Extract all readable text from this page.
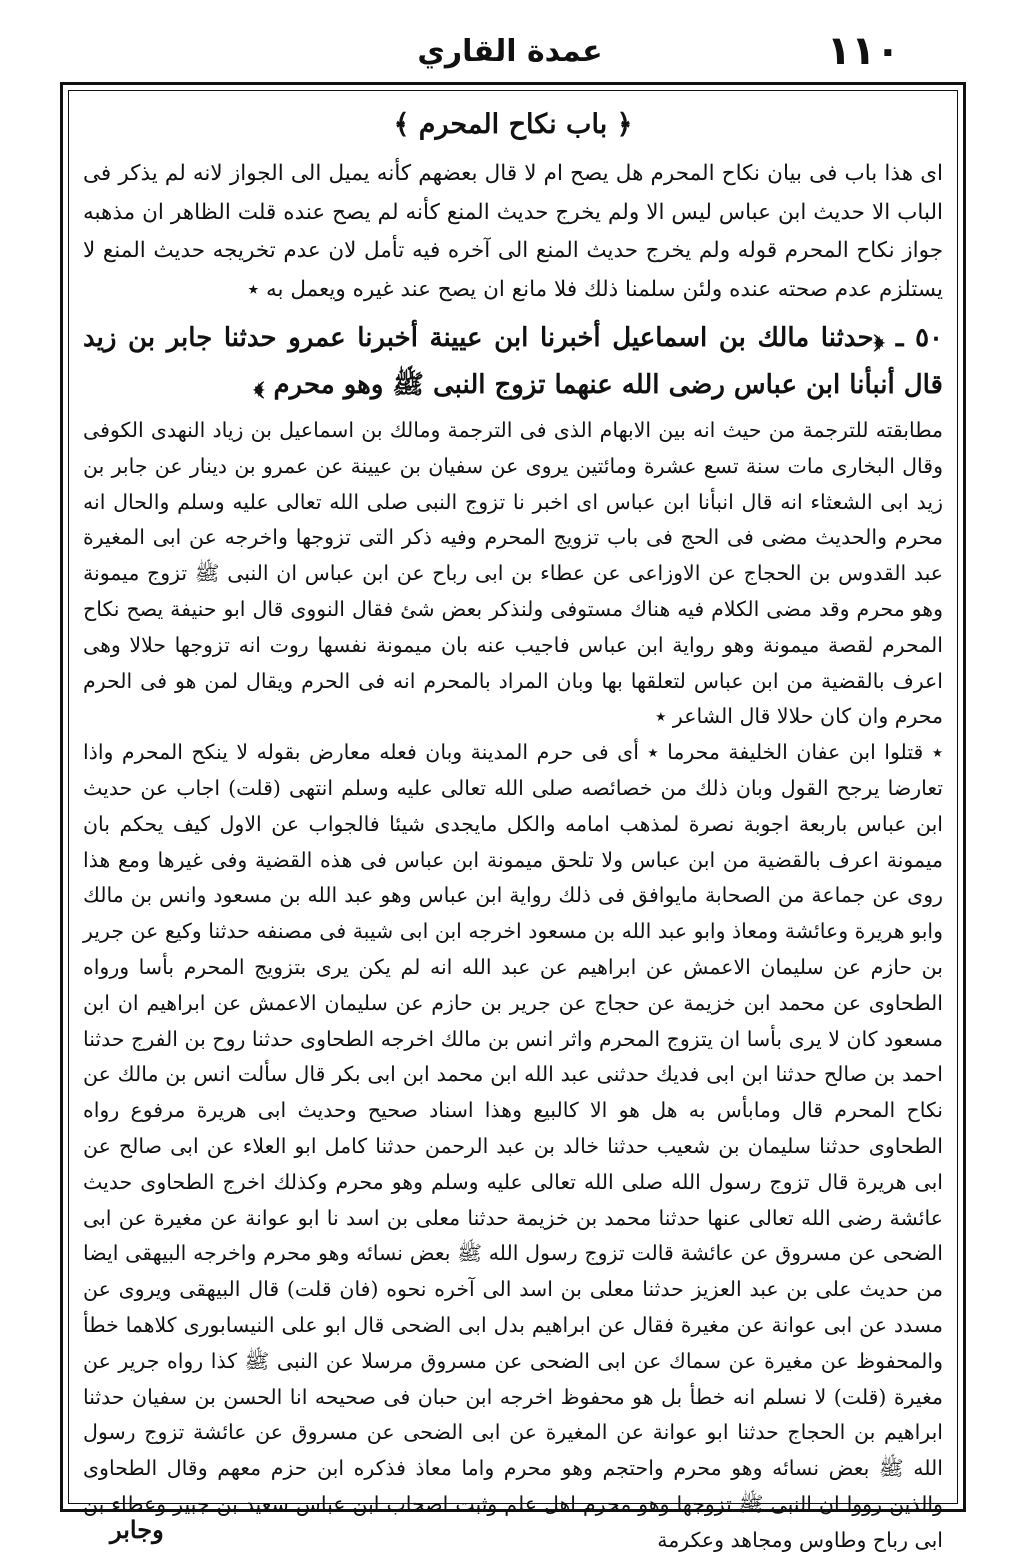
١١٠
عمدة القاري
﴿ باب نكاح المحرم ﴾

اى هذا باب فى بيان نكاح المحرم هل يصح ام لا قال بعضهم كأنه يميل الى الجواز لانه لم يذكر فى الباب الا حديث ابن عباس ليس الا ولم يخرج حديث المنع كأنه لم يصح عنده قلت الظاهر ان مذهبه جواز نكاح المحرم قوله ولم يخرج حديث المنع الى آخره فيه تأمل لان عدم تخريجه حديث المنع لا يستلزم عدم صحته عنده ولئن سلمنا ذلك فلا مانع ان يصح عند غيره ويعمل به ٭

٥٠ ـ ﴿حدثنا مالك بن اسماعيل أخبرنا ابن عيينة أخبرنا عمرو حدثنا جابر بن زيد قال أنبأنا ابن عباس رضى الله عنهما تزوج النبى ﷺ وهو محرم ﴾

مطابقته للترجمة من حيث انه بين الابهام الذى فى الترجمة ومالك بن اسماعيل بن زياد النهدى الكوفى وقال البخارى مات سنة تسع عشرة ومائتين يروى عن سفيان بن عيينة عن عمرو بن دينار عن جابر بن زيد ابى الشعثاء انه قال انبأنا ابن عباس اى اخبر نا تزوج النبى صلى الله تعالى عليه وسلم والحال انه محرم والحديث مضى فى الحج فى باب تزويج المحرم وفيه ذكر التى تزوجها واخرجه عن ابى المغيرة عبد القدوس بن الحجاج عن الاوزاعى عن عطاء بن ابى رباح عن ابن عباس ان النبى ﷺ تزوج ميمونة وهو محرم وقد مضى الكلام فيه هناك مستوفى ولنذكر بعض شئ فقال النووى قال ابو حنيفة يصح نكاح المحرم لقصة ميمونة وهو رواية ابن عباس فاجيب عنه بان ميمونة نفسها روت انه تزوجها حلالا وهى اعرف بالقضية من ابن عباس لتعلقها بها وبان المراد بالمحرم انه فى الحرم ويقال لمن هو فى الحرم محرم وان كان حلالا قال الشاعر ٭

٭ قتلوا ابن عفان الخليفة محرما ٭ أى فى حرم المدينة وبان فعله معارض بقوله لا ينكح المحرم واذا تعارضا يرجح القول وبان ذلك من خصائصه صلى الله تعالى عليه وسلم انتهى (قلت) اجاب عن حديث ابن عباس باربعة اجوبة نصرة لمذهب امامه والكل مايجدى شيئا فالجواب عن الاول كيف يحكم بان ميمونة اعرف بالقضية من ابن عباس ولا تلحق ميمونة ابن عباس فى هذه القضية وفى غيرها ومع هذا روى عن جماعة من الصحابة مايوافق فى ذلك رواية ابن عباس وهو عبد الله بن مسعود وانس بن مالك وابو هريرة وعائشة ومعاذ وابو عبد الله بن مسعود اخرجه ابن ابى شيبة فى مصنفه حدثنا وكيع عن جرير بن حازم عن سليمان الاعمش عن ابراهيم عن عبد الله انه لم يكن يرى بتزويج المحرم بأسا ورواه الطحاوى عن محمد ابن خزيمة عن حجاج عن جرير بن حازم عن سليمان الاعمش عن ابراهيم ان ابن مسعود كان لا يرى بأسا ان يتزوج المحرم واثر انس بن مالك اخرجه الطحاوى حدثنا روح بن الفرج حدثنا احمد بن صالح حدثنا ابن ابى فديك حدثنى عبد الله ابن محمد ابن ابى بكر قال سألت انس بن مالك عن نكاح المحرم قال ومابأس به هل هو الا كالبيع وهذا اسناد صحيح وحديث ابى هريرة مرفوع رواه الطحاوى حدثنا سليمان بن شعيب حدثنا خالد بن عبد الرحمن حدثنا كامل ابو العلاء عن ابى صالح عن ابى هريرة قال تزوج رسول الله صلى الله تعالى عليه وسلم وهو محرم وكذلك اخرج الطحاوى حديث عائشة رضى الله تعالى عنها حدثنا محمد بن خزيمة حدثنا معلى بن اسد نا ابو عوانة عن مغيرة عن ابى الضحى عن مسروق عن عائشة قالت تزوج رسول الله ﷺ بعض نسائه وهو محرم واخرجه البيهقى ايضا من حديث على بن عبد العزيز حدثنا معلى بن اسد الى آخره نحوه (فان قلت) قال البيهقى ويروى عن مسدد عن ابى عوانة عن مغيرة فقال عن ابراهيم بدل ابى الضحى قال ابو على النيسابورى كلاهما خطأ والمحفوظ عن مغيرة عن سماك عن ابى الضحى عن مسروق مرسلا عن النبى ﷺ كذا رواه جرير عن مغيرة (قلت) لا نسلم انه خطأ بل هو محفوظ اخرجه ابن حبان فى صحيحه انا الحسن بن سفيان حدثنا ابراهيم بن الحجاج حدثنا ابو عوانة عن المغيرة عن ابى الضحى عن مسروق عن عائشة تزوج رسول الله ﷺ بعض نسائه وهو محرم واحتجم وهو محرم واما معاذ فذكره ابن حزم معهم وقال الطحاوى والذين رووا ان النبى ﷺ تزوجها وهو محرم اهل علم وثبت اصحاب ابن عباس سعيد بن جبير وعطاء بن ابى رباح وطاوس ومجاهد وعكرمة

وجابر
